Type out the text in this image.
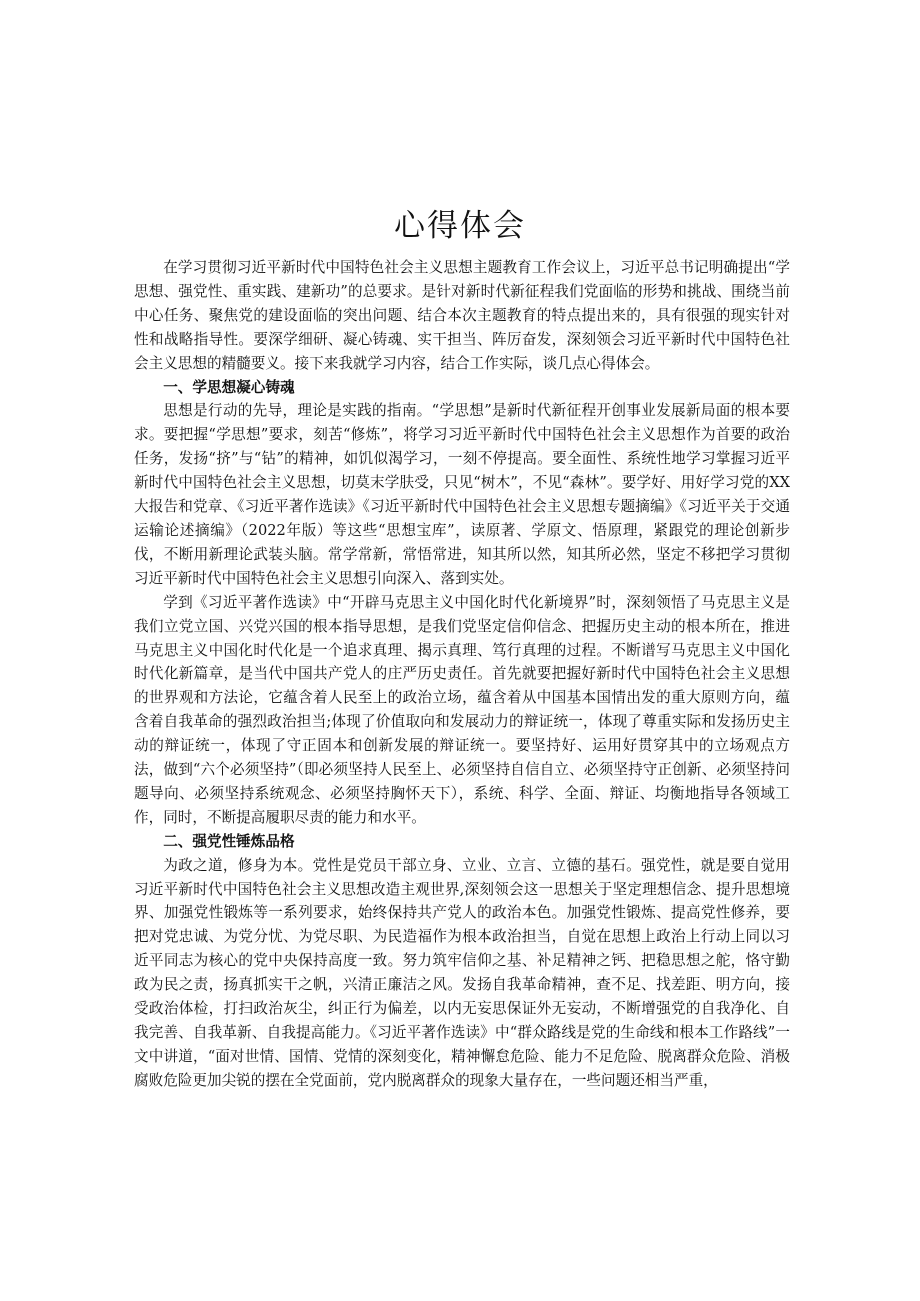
心得体会

在学习贯彻习近平新时代中国特色社会主义思想主题教育工作会议上，习近平总书记明确提出“学思想、强党性、重实践、建新功”的总要求。是针对新时代新征程我们党面临的形势和挑战、围绕当前中心任务、聚焦党的建设面临的突出问题、结合本次主题教育的特点提出来的，具有很强的现实针对性和战略指导性。要深学细研、凝心铸魂、实干担当、阵厉奋发，深刻领会习近平新时代中国特色社会主义思想的精髓要义。接下来我就学习内容，结合工作实际，谈几点心得体会。

一、学思想凝心铸魂

思想是行动的先导，理论是实践的指南。“学思想”是新时代新征程开创事业发展新局面的根本要求。要把握“学思想”要求，刻苦“修炼”，将学习习近平新时代中国特色社会主义思想作为首要的政治任务，发扬“挤”与“钻”的精神，如饥似渴学习，一刻不停提高。要全面性、系统性地学习掌握习近平新时代中国特色社会主义思想，切莫末学肤受，只见“树木”，不见“森林”。要学好、用好学习党的XX大报告和党章、《习近平著作选读》《习近平新时代中国特色社会主义思想专题摘编》《习近平关于交通运输论述摘编》（2022年版）等这些“思想宝库”，读原著、学原文、悟原理，紧跟党的理论创新步伐，不断用新理论武装头脑。常学常新，常悟常进，知其所以然，知其所必然，坚定不移把学习贯彻习近平新时代中国特色社会主义思想引向深入、落到实处。

学到《习近平著作选读》中“开辟马克思主义中国化时代化新境界”时，深刻领悟了马克思主义是我们立党立国、兴党兴国的根本指导思想，是我们党坚定信仰信念、把握历史主动的根本所在，推进马克思主义中国化时代化是一个追求真理、揭示真理、笃行真理的过程。不断谱写马克思主义中国化时代化新篇章，是当代中国共产党人的庄严历史责任。首先就要把握好新时代中国特色社会主义思想的世界观和方法论，它蕴含着人民至上的政治立场，蕴含着从中国基本国情出发的重大原则方向，蕴含着自我革命的强烈政治担当;体现了价值取向和发展动力的辩证统一，体现了尊重实际和发扬历史主动的辩证统一，体现了守正固本和创新发展的辩证统一。要坚持好、运用好贯穿其中的立场观点方法，做到“六个必须坚持”（即必须坚持人民至上、必须坚持自信自立、必须坚持守正创新、必须坚持问题导向、必须坚持系统观念、必须坚持胸怀天下），系统、科学、全面、辩证、均衡地指导各领域工作，同时，不断提高履职尽责的能力和水平。

二、强党性锤炼品格

为政之道，修身为本。党性是党员干部立身、立业、立言、立德的基石。强党性，就是要自觉用习近平新时代中国特色社会主义思想改造主观世界,深刻领会这一思想关于坚定理想信念、提升思想境界、加强党性锻炼等一系列要求，始终保持共产党人的政治本色。加强党性锻炼、提高党性修养，要把对党忠诚、为党分忧、为党尽职、为民造福作为根本政治担当，自觉在思想上政治上行动上同以习近平同志为核心的党中央保持高度一致。努力筑牢信仰之基、补足精神之钙、把稳思想之舵，恪守勤政为民之责，扬真抓实干之帆，兴清正廉洁之风。发扬自我革命精神，查不足、找差距、明方向，接受政治体检，打扫政治灰尘，纠正行为偏差，以内无妄思保证外无妄动，不断增强党的自我净化、自我完善、自我革新、自我提高能力。《习近平著作选读》中“群众路线是党的生命线和根本工作路线”一文中讲道，“面对世情、国情、党情的深刻变化，精神懈怠危险、能力不足危险、脱离群众危险、消极腐败危险更加尖锐的摆在全党面前，党内脱离群众的现象大量存在，一些问题还相当严重，
